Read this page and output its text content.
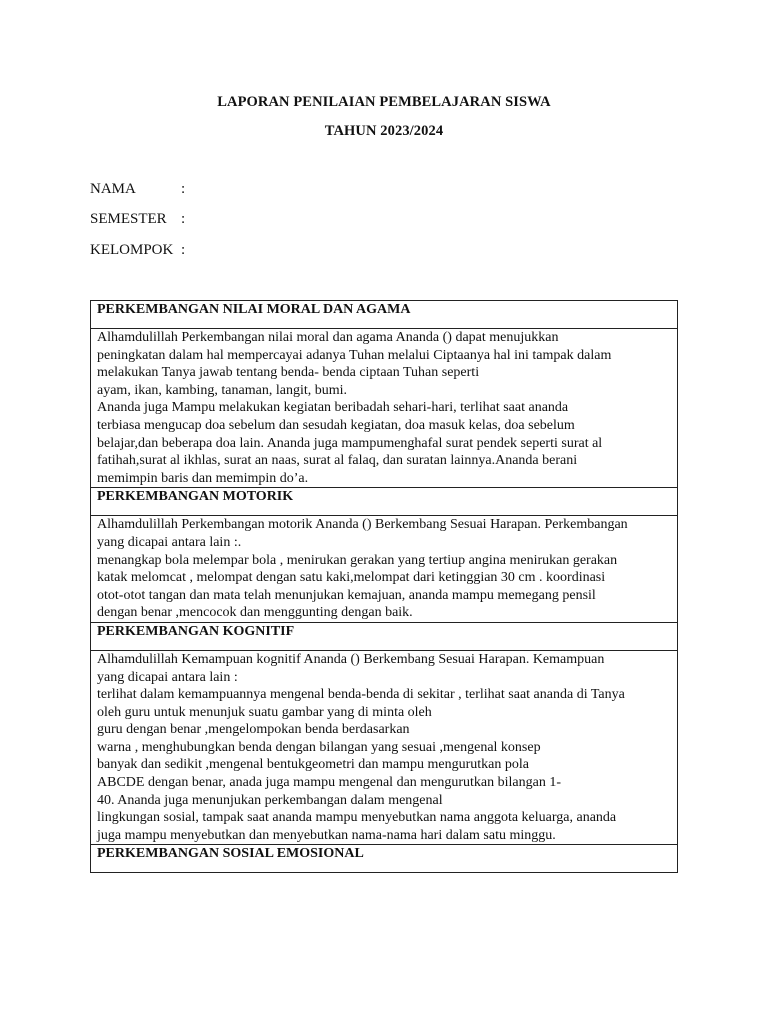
LAPORAN PENILAIAN PEMBELAJARAN SISWA
TAHUN 2023/2024
NAMA	:
SEMESTER :
KELOMPOK :
PERKEMBANGAN NILAI MORAL DAN AGAMA

Alhamdulillah Perkembangan nilai moral dan agama Ananda () dapat menujukkan
peningkatan dalam hal mempercayai adanya Tuhan melalui Ciptaanya hal ini tampak dalam
melakukan Tanya jawab tentang benda- benda ciptaan Tuhan seperti
ayam, ikan, kambing, tanaman, langit, bumi.
Ananda juga Mampu melakukan kegiatan beribadah sehari-hari, terlihat saat ananda
terbiasa mengucap doa sebelum dan sesudah kegiatan, doa masuk kelas, doa sebelum
belajar,dan beberapa doa lain. Ananda juga mampumenghafal surat pendek seperti surat al
fatihah,surat al ikhlas, surat an naas, surat al falaq, dan suratan lainnya.Ananda berani
memimpin baris dan memimpin do’a.

PERKEMBANGAN MOTORIK

Alhamdulillah Perkembangan motorik Ananda () Berkembang Sesuai Harapan. Perkembangan
yang dicapai antara lain :.
menangkap bola melempar bola , menirukan gerakan yang tertiup angina menirukan gerakan
katak melomcat , melompat dengan satu kaki,melompat dari ketinggian 30 cm . koordinasi
otot-otot tangan dan mata telah menunjukan kemajuan, ananda mampu memegang pensil
dengan benar ,mencocok dan menggunting dengan baik.

PERKEMBANGAN KOGNITIF

Alhamdulillah Kemampuan kognitif Ananda () Berkembang Sesuai Harapan. Kemampuan
yang dicapai antara lain :
terlihat dalam kemampuannya mengenal benda-benda di sekitar , terlihat saat ananda di Tanya
oleh guru untuk menunjuk suatu gambar yang di minta oleh
guru dengan benar ,mengelompokan benda berdasarkan
warna , menghubungkan benda dengan bilangan yang sesuai ,mengenal konsep
banyak dan sedikit ,mengenal bentukgeometri dan mampu mengurutkan pola
ABCDE dengan benar, anada juga mampu mengenal dan mengurutkan bilangan 1-
40. Ananda juga menunjukan perkembangan dalam mengenal
lingkungan sosial, tampak saat ananda mampu menyebutkan nama anggota keluarga, ananda
juga mampu menyebutkan dan menyebutkan nama-nama hari dalam satu minggu.

PERKEMBANGAN SOSIAL EMOSIONAL
